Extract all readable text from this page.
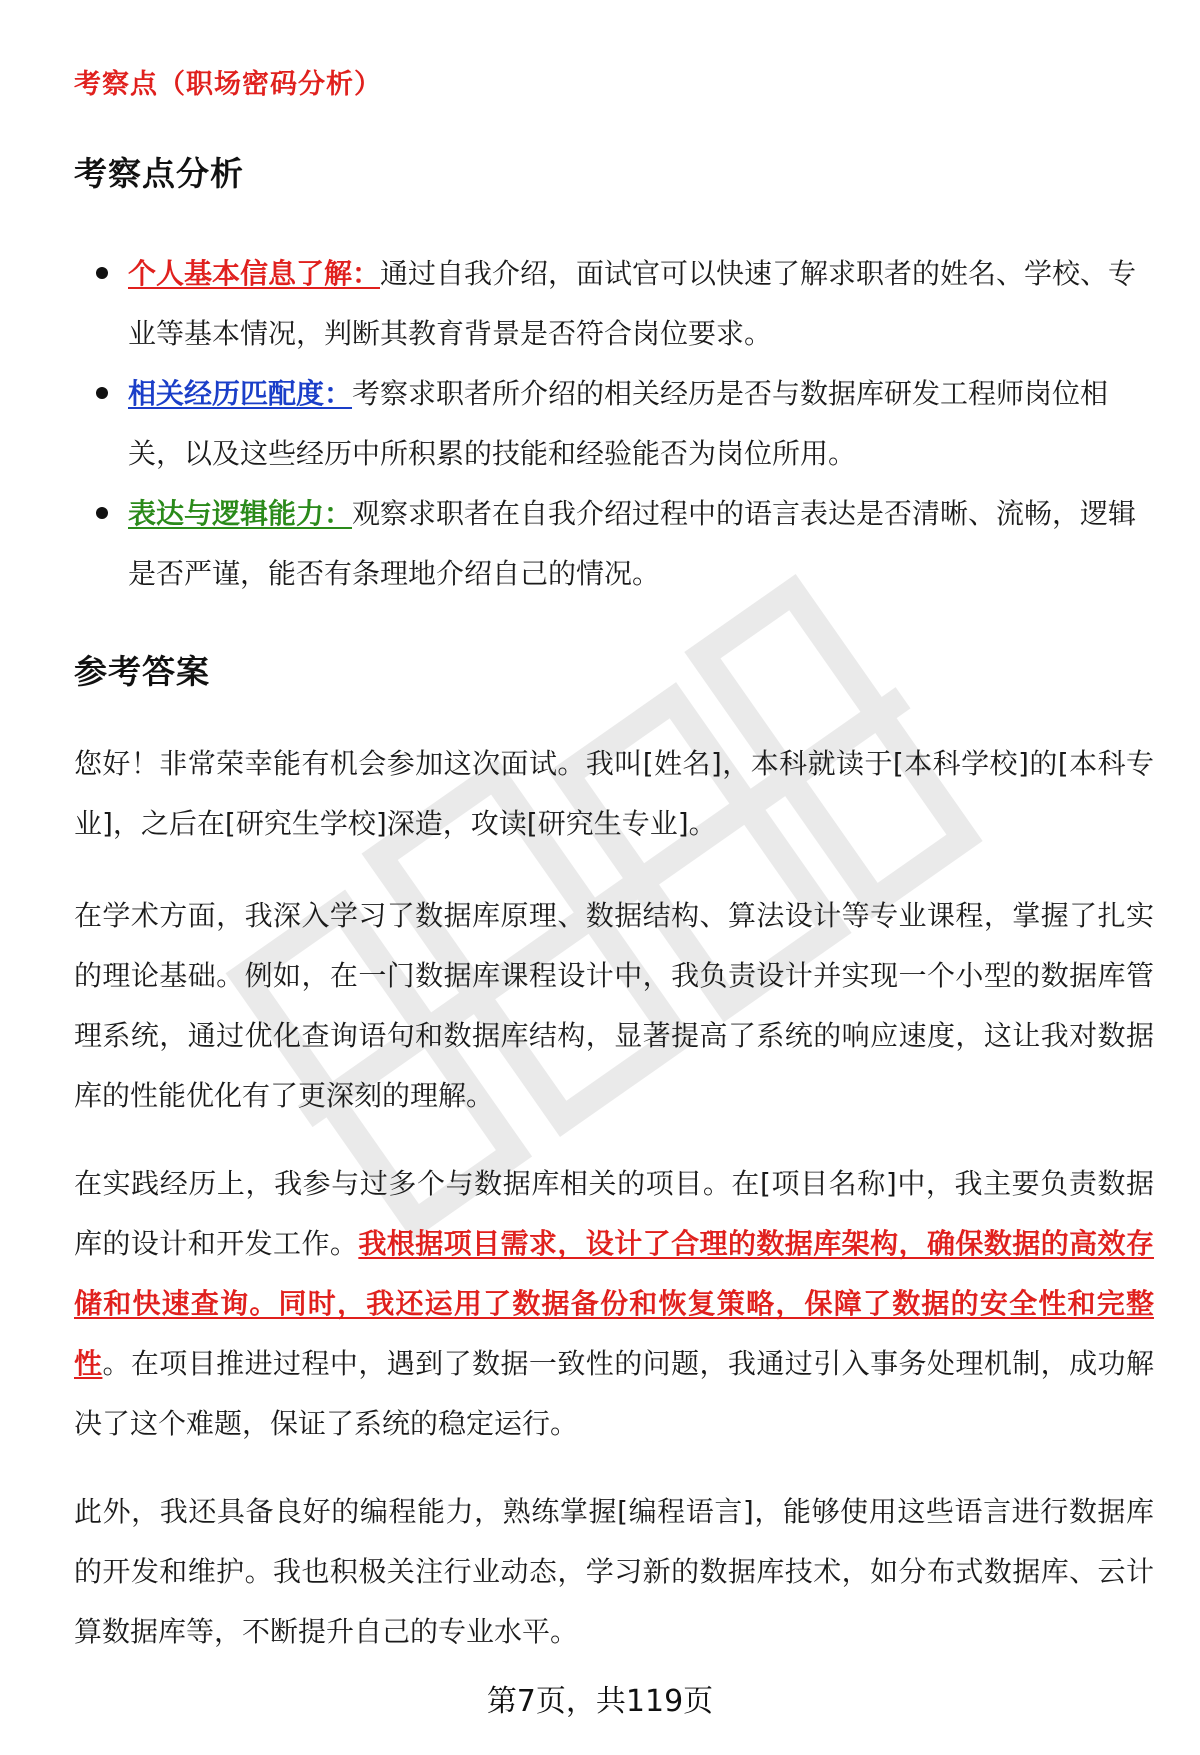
考察点（职场密码分析）
考察点分析
个人基本信息了解：通过自我介绍，面试官可以快速了解求职者的姓名、学校、专业等基本情况，判断其教育背景是否符合岗位要求。
相关经历匹配度：考察求职者所介绍的相关经历是否与数据库研发工程师岗位相关，以及这些经历中所积累的技能和经验能否为岗位所用。
表达与逻辑能力：观察求职者在自我介绍过程中的语言表达是否清晰、流畅，逻辑是否严谨，能否有条理地介绍自己的情况。
参考答案

您好！非常荣幸能有机会参加这次面试。我叫[姓名]，本科就读于[本科学校]的[本科专业]，之后在[研究生学校]深造，攻读[研究生专业]。

在学术方面，我深入学习了数据库原理、数据结构、算法设计等专业课程，掌握了扎实的理论基础。例如，在一门数据库课程设计中，我负责设计并实现一个小型的数据库管理系统，通过优化查询语句和数据库结构，显著提高了系统的响应速度，这让我对数据库的性能优化有了更深刻的理解。

在实践经历上，我参与过多个与数据库相关的项目。在[项目名称]中，我主要负责数据库的设计和开发工作。我根据项目需求，设计了合理的数据库架构，确保数据的高效存储和快速查询。同时，我还运用了数据备份和恢复策略，保障了数据的安全性和完整性。在项目推进过程中，遇到了数据一致性的问题，我通过引入事务处理机制，成功解决了这个难题，保证了系统的稳定运行。

此外，我还具备良好的编程能力，熟练掌握[编程语言]，能够使用这些语言进行数据库的开发和维护。我也积极关注行业动态，学习新的数据库技术，如分布式数据库、云计算数据库等，不断提升自己的专业水平。

第7页，共119页
